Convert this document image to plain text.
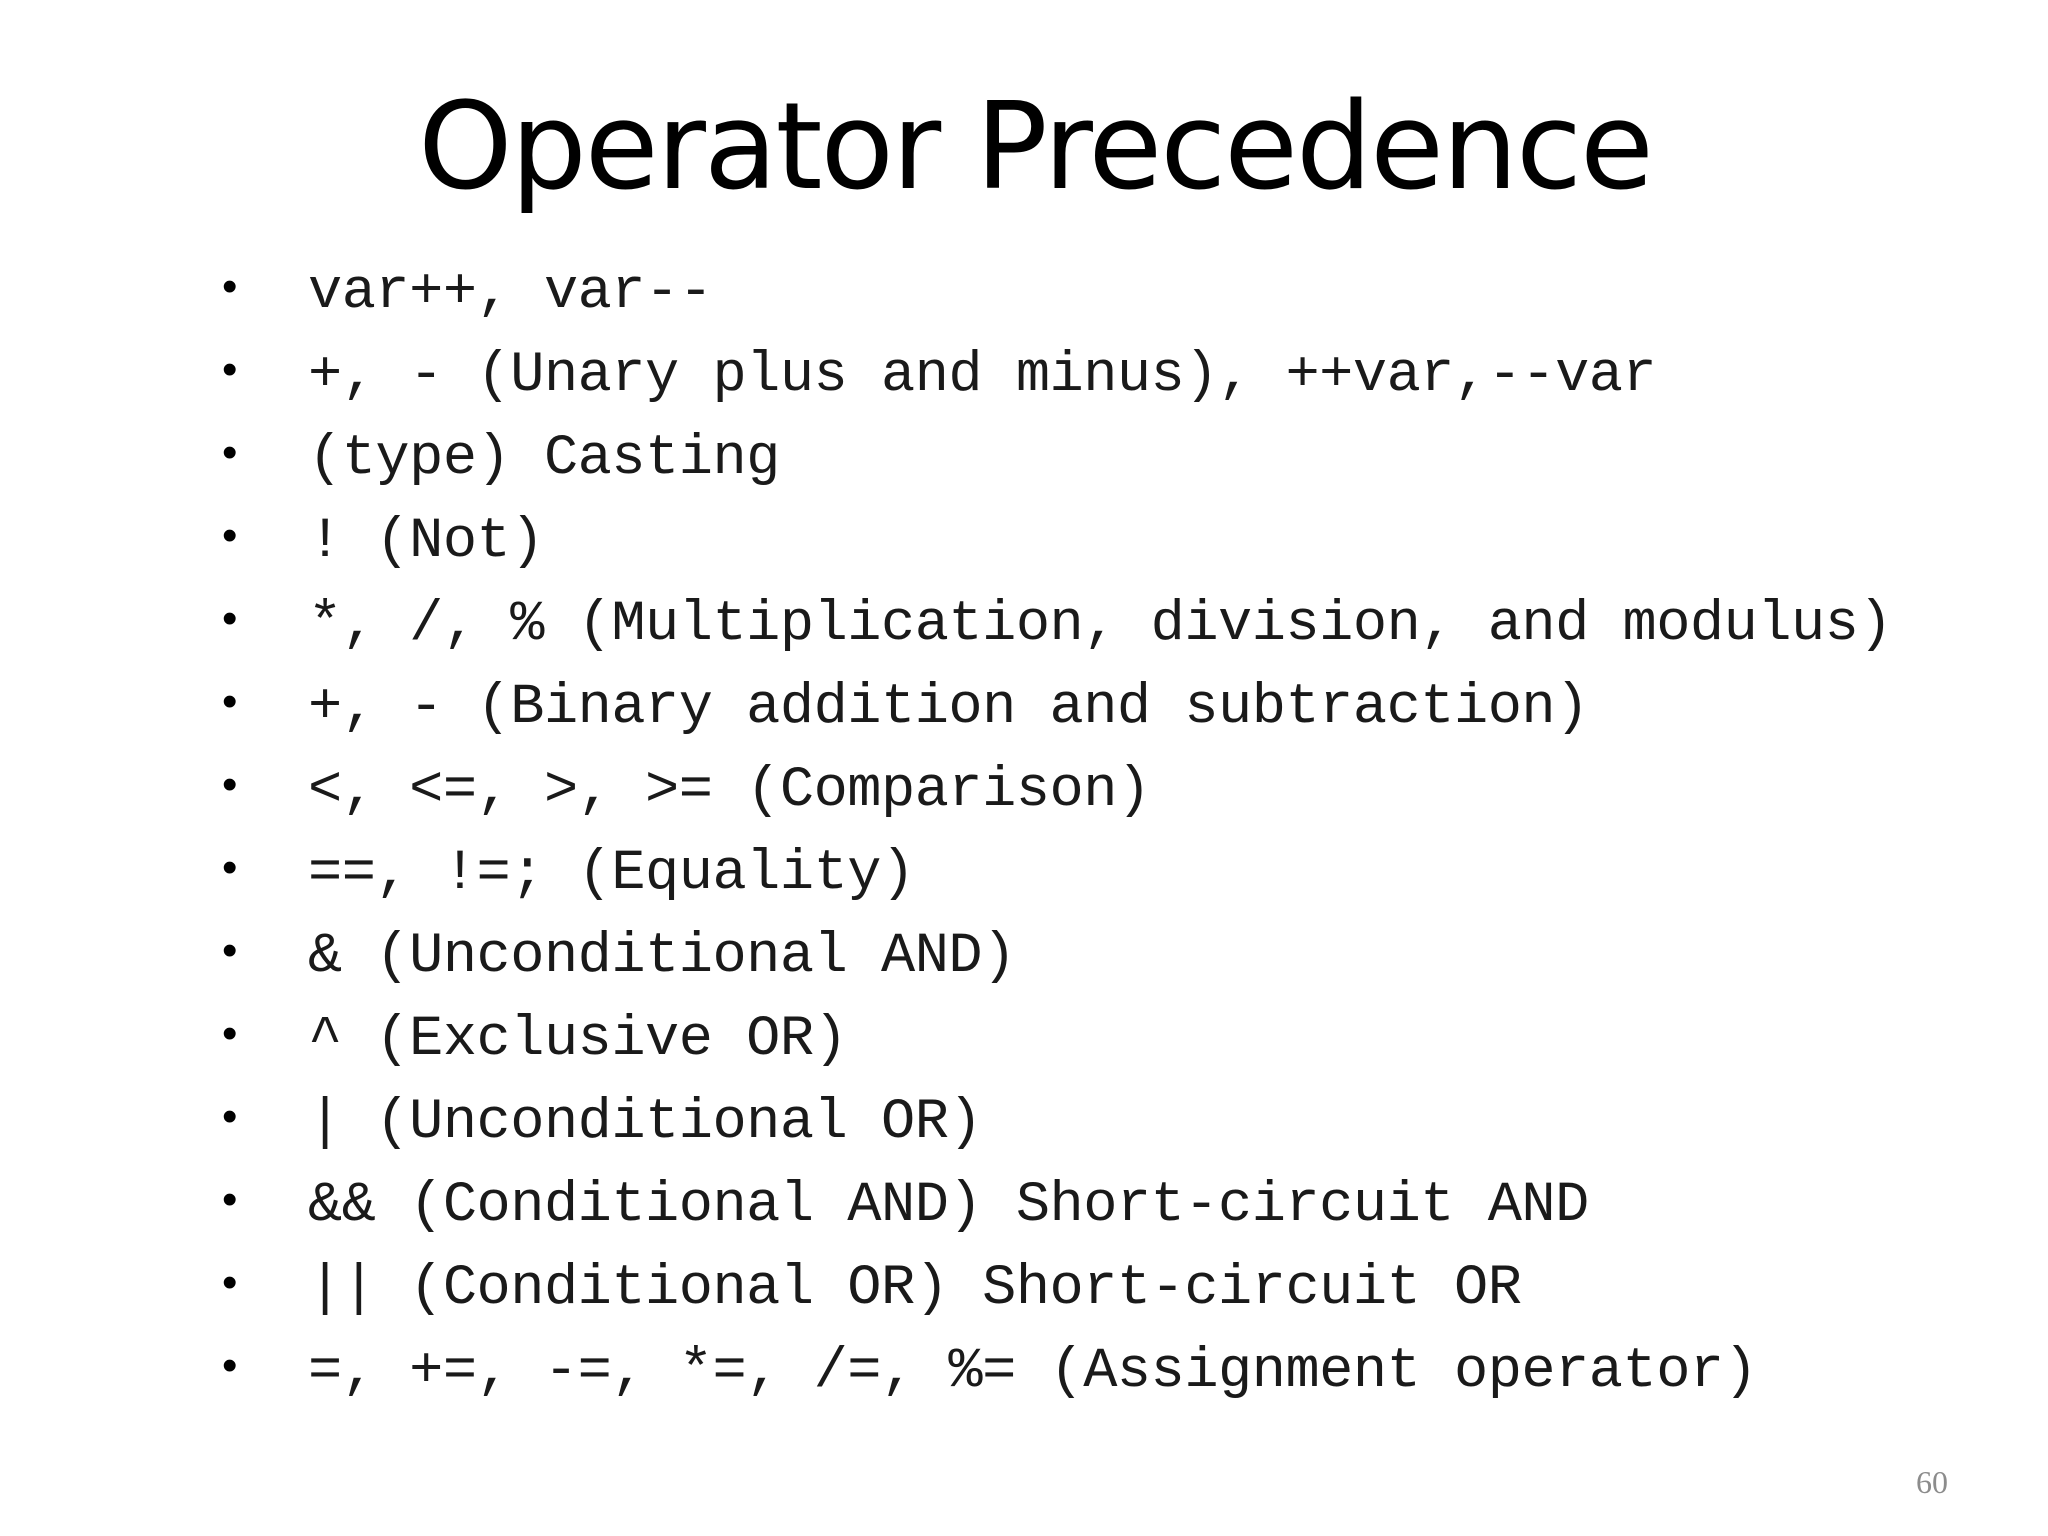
Operator Precedence
•	var++, var--
•	+, - (Unary plus and minus), ++var,--var
•	(type) Casting
•	! (Not)
•	*, /, % (Multiplication, division, and modulus)
•	+, - (Binary addition and subtraction)
•	<, <=, >, >= (Comparison)
•	==, !=; (Equality)
•	& (Unconditional AND)
•	^ (Exclusive OR)
•	| (Unconditional OR)
•	&& (Conditional AND) Short-circuit AND
•	|| (Conditional OR) Short-circuit OR
•	=, +=, -=, *=, /=, %= (Assignment operator)
60
